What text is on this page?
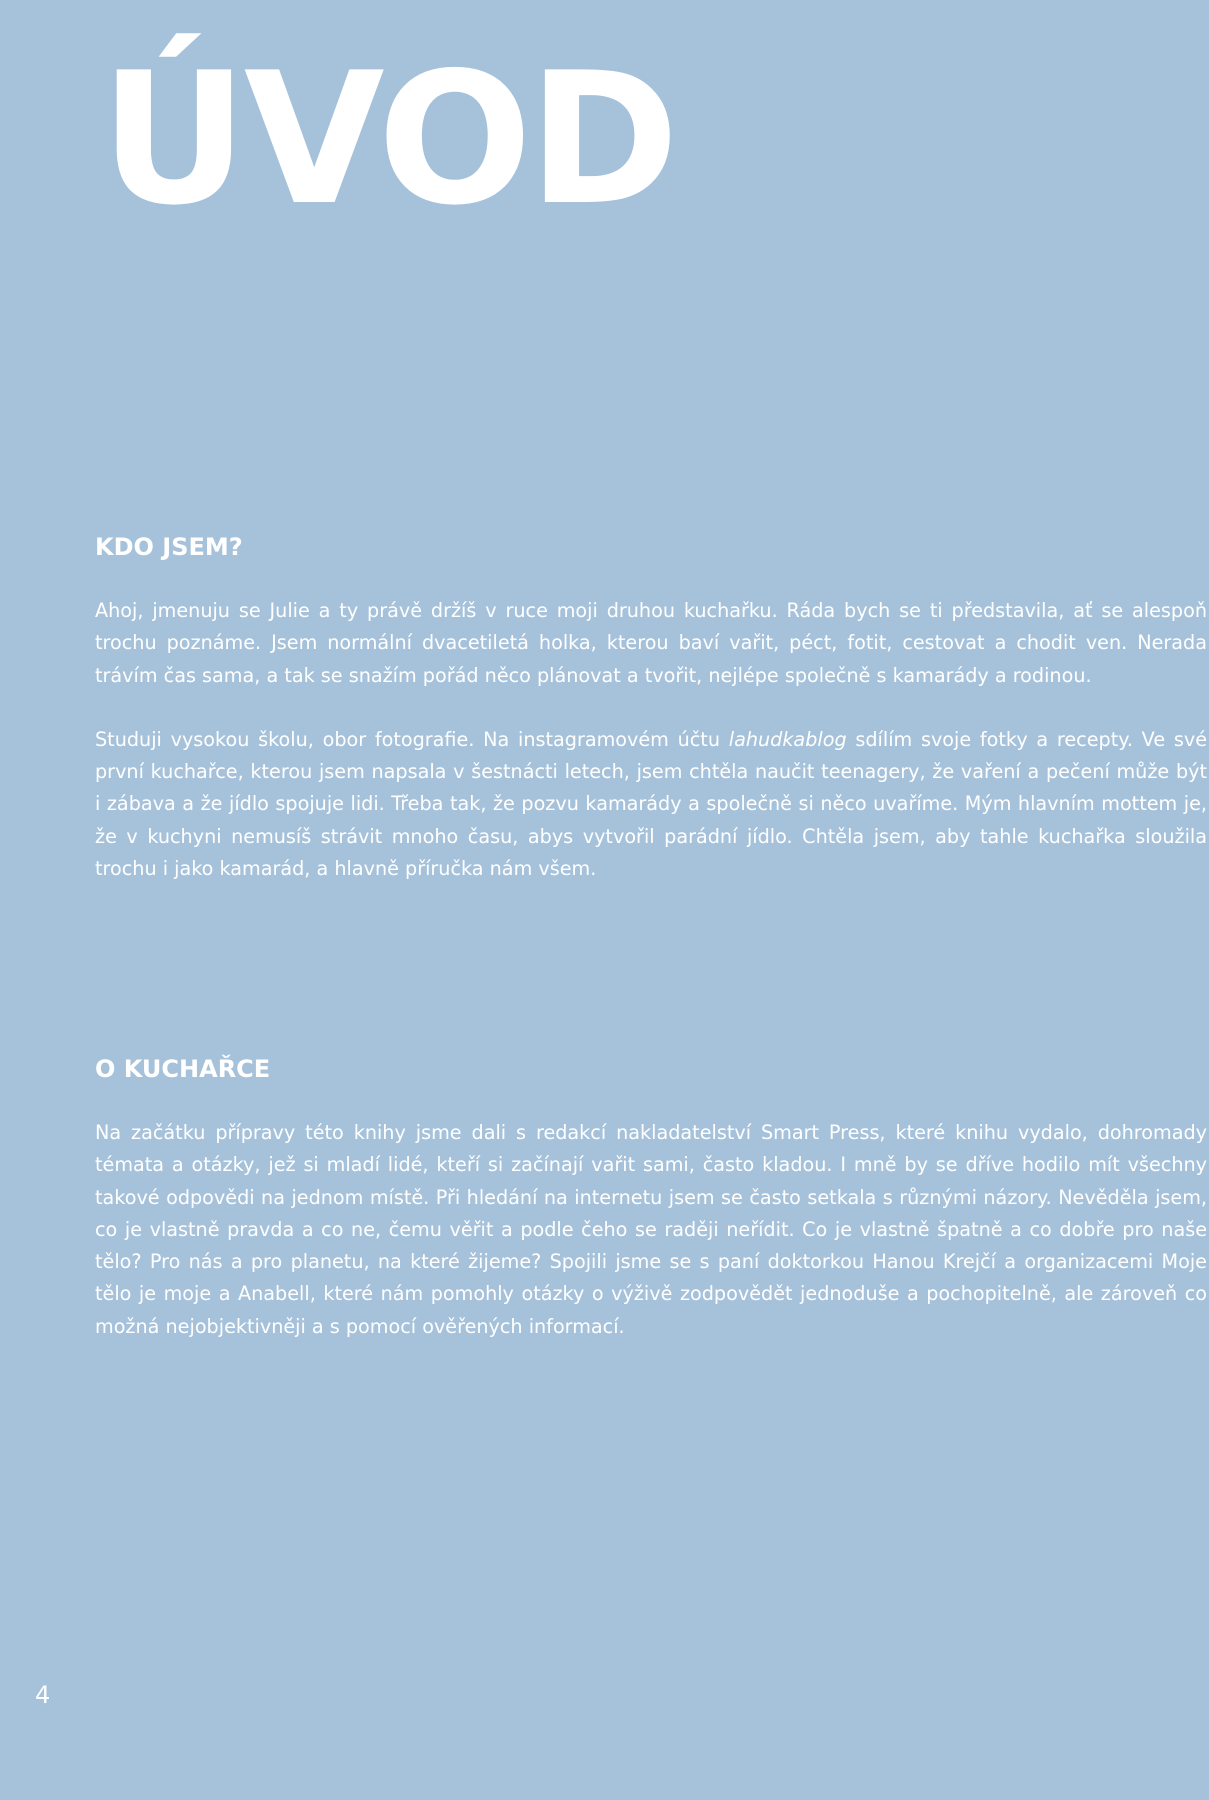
ÚVOD
KDO JSEM?

Ahoj, jmenuju se Julie a ty právě držíš v ruce moji druhou kuchařku. Ráda bych se ti představila, ať se alespoň trochu poznáme. Jsem normální dvacetiletá holka, kterou baví vařit, péct, fotit, cestovat a chodit ven. Nerada trávím čas sama, a tak se snažím pořád něco plánovat a tvořit, nejlépe společně s kamarády a rodinou.

Studuji vysokou školu, obor fotografie. Na instagramovém účtu lahudkablog sdílím svoje fotky a recepty. Ve své první kuchařce, kterou jsem napsala v šestnácti letech, jsem chtěla naučit teenagery, že vaření a pečení může být i zábava a že jídlo spojuje lidi. Třeba tak, že pozvu kamarády a společně si něco uvaříme. Mým hlavním mottem je, že v kuchyni nemusíš strávit mnoho času, abys vytvořil parádní jídlo. Chtěla jsem, aby tahle kuchařka sloužila trochu i jako kamarád, a hlavně příručka nám všem.

O KUCHAŘCE

Na začátku přípravy této knihy jsme dali s redakcí nakladatelství Smart Press, které knihu vydalo, dohromady témata a otázky, jež si mladí lidé, kteří si začínají vařit sami, často kladou. I mně by se dříve hodilo mít všechny takové odpovědi na jednom místě. Při hledání na internetu jsem se často setkala s různými názory. Nevěděla jsem, co je vlastně pravda a co ne, čemu věřit a podle čeho se raději neřídit. Co je vlastně špatně a co dobře pro naše tělo? Pro nás a pro planetu, na které žijeme? Spojili jsme se s paní doktorkou Hanou Krejčí a organizacemi Moje tělo je moje a Anabell, které nám pomohly otázky o výživě zodpovědět jednoduše a pochopitelně, ale zároveň co možná nejobjektivněji a s pomocí ověřených informací.

4
